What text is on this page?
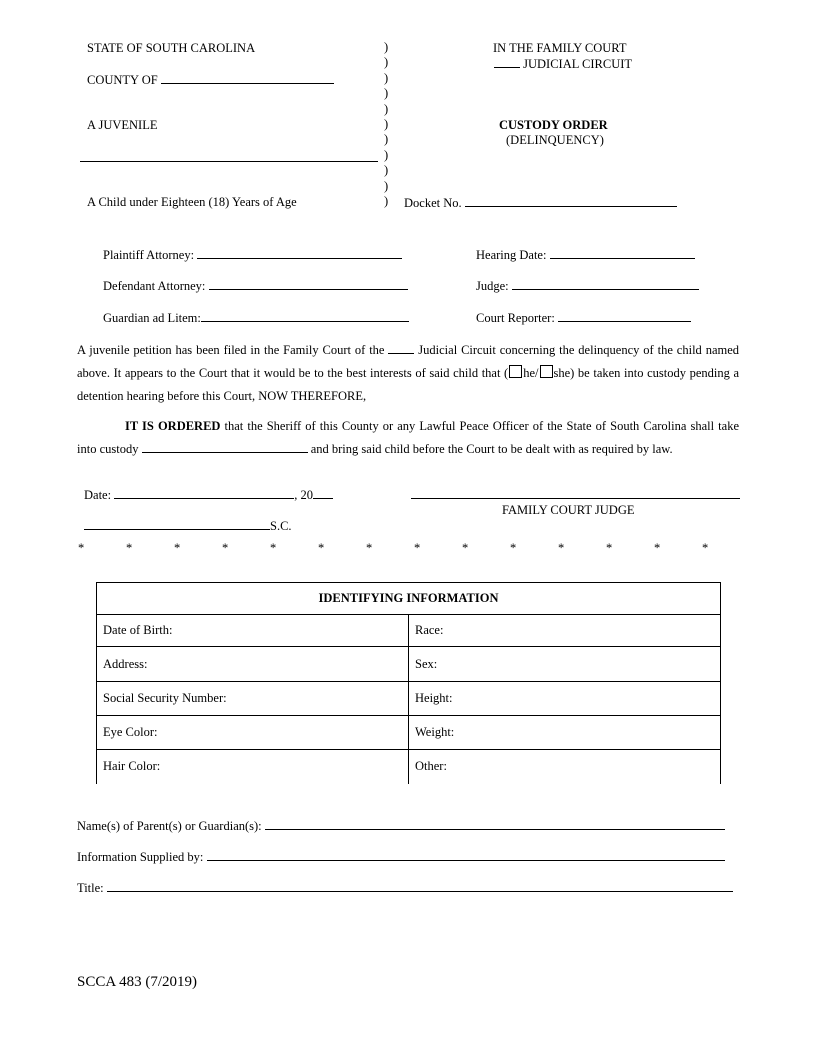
STATE OF SOUTH CAROLINA
COUNTY OF
A JUVENILE
A Child under Eighteen (18) Years of Age
)
)
)
)
)
)
)
)
)
)
)
IN THE FAMILY COURT
JUDICIAL CIRCUIT
CUSTODY ORDER
(DELINQUENCY)
Docket No.
Plaintiff Attorney:
Defendant Attorney:
Guardian ad Litem:
Hearing Date:
Judge:
Court Reporter:
A juvenile petition has been filed in the Family Court of the	Judicial Circuit concerning the delinquency of the child named above. It appears to the Court that it would be to the best interests of said child that ( he/ she) be taken into custody pending a detention hearing before this Court, NOW THEREFORE,
IT IS ORDERED that the Sheriff of this County or any Lawful Peace Officer of the State of South Carolina shall take into custody	and bring said child before the Court to be dealt with as required by law.
Date:	, 20
FAMILY COURT JUDGE
S.C.
*	*	*	*	*	*	*	*	*	*	*	*	*	*
IDENTIFYING INFORMATION	
Date of Birth:	Race:
Address:	Sex:
Social Security Number:	Height:
Eye Color:	Weight:
Hair Color:	Other:
Name(s) of Parent(s) or Guardian(s):
Information Supplied by:
Title:
SCCA 483 (7/2019)
